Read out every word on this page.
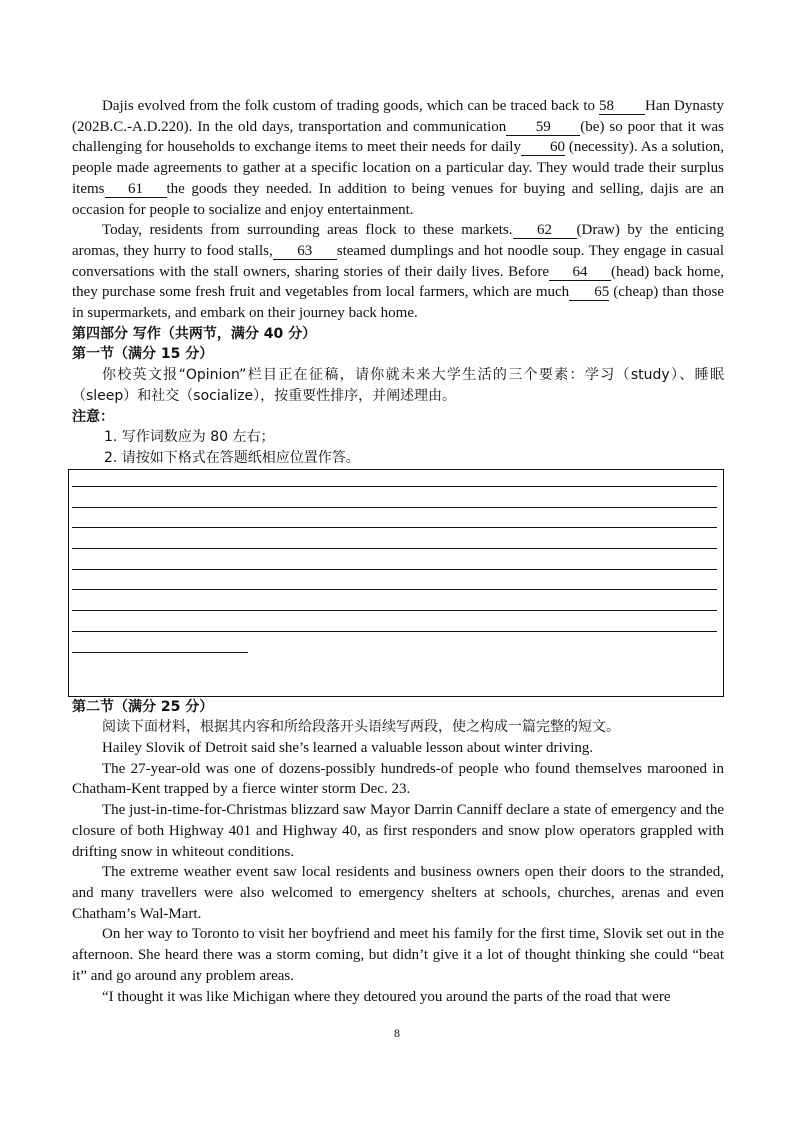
Dajis evolved from the folk custom of trading goods, which can be traced back to 58 Han Dynasty (202B.C.-A.D.220). In the old days, transportation and communication 59 (be) so poor that it was challenging for households to exchange items to meet their needs for daily 60 (necessity). As a solution, people made agreements to gather at a specific location on a particular day. They would trade their surplus items 61 the goods they needed. In addition to being venues for buying and selling, dajis are an occasion for people to socialize and enjoy entertainment.

Today, residents from surrounding areas flock to these markets. 62 (Draw) by the enticing aromas, they hurry to food stalls, 63 steamed dumplings and hot noodle soup. They engage in casual conversations with the stall owners, sharing stories of their daily lives. Before 64 (head) back home, they purchase some fresh fruit and vegetables from local farmers, which are much 65 (cheap) than those in supermarkets, and embark on their journey back home.

第四部分 写作（共两节，满分 40 分）

第一节（满分 15 分）

你校英文报“Opinion”栏目正在征稿，请你就未来大学生活的三个要素：学习（study）、睡眠（sleep）和社交（socialize），按重要性排序，并阐述理由。

注意：

1. 写作词数应为 80 左右；

2. 请按如下格式在答题纸相应位置作答。

第二节（满分 25 分）

阅读下面材料，根据其内容和所给段落开头语续写两段，使之构成一篇完整的短文。

Hailey Slovik of Detroit said she’s learned a valuable lesson about winter driving.

The 27-year-old was one of dozens-possibly hundreds-of people who found themselves marooned in Chatham-Kent trapped by a fierce winter storm Dec. 23.

The just-in-time-for-Christmas blizzard saw Mayor Darrin Canniff declare a state of emergency and the closure of both Highway 401 and Highway 40, as first responders and snow plow operators grappled with drifting snow in whiteout conditions.

The extreme weather event saw local residents and business owners open their doors to the stranded, and many travellers were also welcomed to emergency shelters at schools, churches, arenas and even Chatham’s Wal-Mart.

On her way to Toronto to visit her boyfriend and meet his family for the first time, Slovik set out in the afternoon. She heard there was a storm coming, but didn’t give it a lot of thought thinking she could “beat it” and go around any problem areas.

“I thought it was like Michigan where they detoured you around the parts of the road that were

8
